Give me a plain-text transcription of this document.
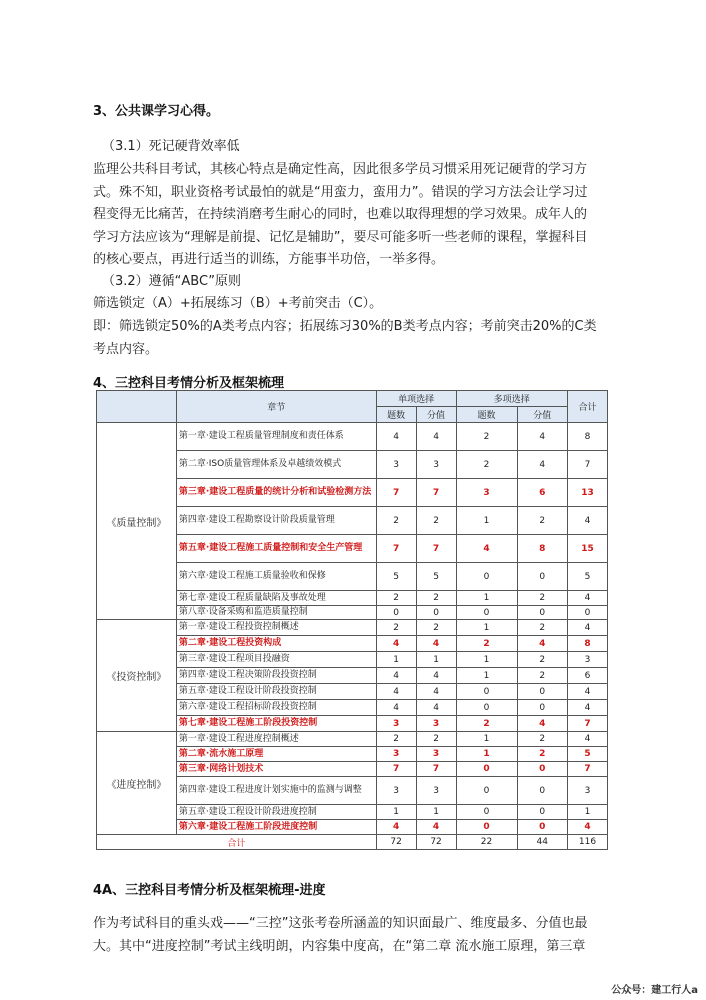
3、公共课学习心得。
（3.1）死记硬背效率低
监理公共科目考试，其核心特点是确定性高，因此很多学员习惯采用死记硬背的学习方
式。殊不知，职业资格考试最怕的就是“用蛮力，蛮用力”。错误的学习方法会让学习过
程变得无比痛苦，在持续消磨考生耐心的同时，也难以取得理想的学习效果。成年人的
学习方法应该为“理解是前提、记忆是辅助”，要尽可能多听一些老师的课程，掌握科目
的核心要点，再进行适当的训练，方能事半功倍，一举多得。
（3.2）遵循“ABC”原则
筛选锁定（A）+拓展练习（B）+考前突击（C）。
即：筛选锁定50%的A类考点内容；拓展练习30%的B类考点内容；考前突击20%的C类
考点内容。
4、三控科目考情分析及框架梳理
	章节	单项选择		多项选择		合计
		题数	分值	题数	分值	
《质量控制》	第一章·建设工程质量管理制度和责任体系	4	4	2	4	8
	第二章·ISO质量管理体系及卓越绩效模式	3	3	2	4	7
	第三章·建设工程质量的统计分析和试验检测方法	7	7	3	6	13
	第四章·建设工程勘察设计阶段质量管理	2	2	1	2	4
	第五章·建设工程施工质量控制和安全生产管理	7	7	4	8	15
	第六章·建设工程施工质量验收和保修	5	5	0	0	5
	第七章·建设工程质量缺陷及事故处理	2	2	1	2	4
	第八章·设备采购和监造质量控制	0	0	0	0	0
《投资控制》	第一章·建设工程投资控制概述	2	2	1	2	4
	第二章·建设工程投资构成	4	4	2	4	8
	第三章·建设工程项目投融资	1	1	1	2	3
	第四章·建设工程决策阶段投资控制	4	4	1	2	6
	第五章·建设工程设计阶段投资控制	4	4	0	0	4
	第六章·建设工程招标阶段投资控制	4	4	0	0	4
	第七章·建设工程施工阶段投资控制	3	3	2	4	7
《进度控制》	第一章·建设工程进度控制概述	2	2	1	2	4
	第二章·流水施工原理	3	3	1	2	5
	第三章·网络计划技术	7	7	0	0	7
	第四章·建设工程进度计划实施中的监测与调整	3	3	0	0	3
	第五章·建设工程设计阶段进度控制	1	1	0	0	1
	第六章·建设工程施工阶段进度控制	4	4	0	0	4
合计		72	72	22	44	116
4A、三控科目考情分析及框架梳理-进度
作为考试科目的重头戏——“三控”这张考卷所涵盖的知识面最广、维度最多、分值也最
大。其中“进度控制”考试主线明朗，内容集中度高，在“第二章 流水施工原理，第三章
公众号：建工行人a
